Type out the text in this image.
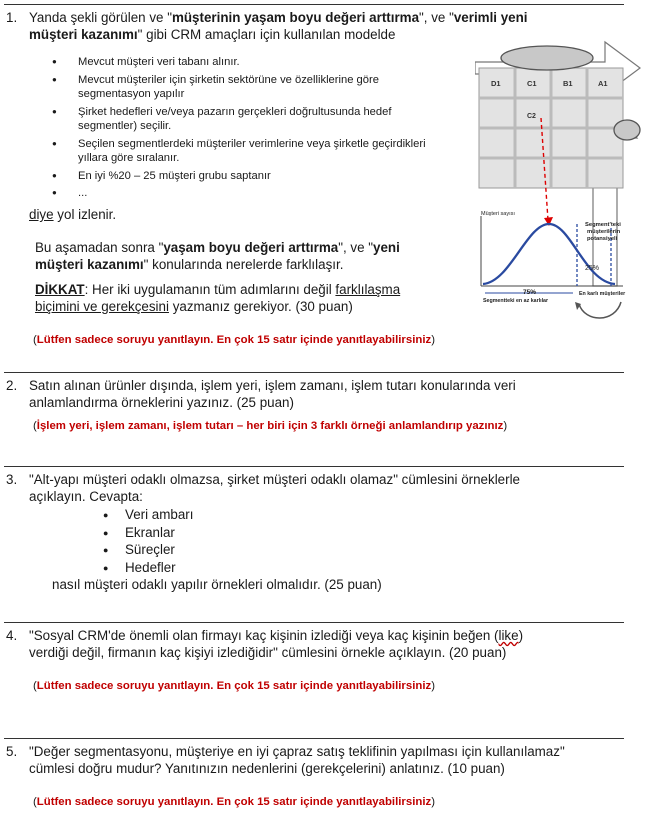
1. Yanda şekli görülen ve "müşterinin yaşam boyu değeri arttırma", ve "verimli yeni
müşteri kazanımı" gibi CRM amaçları için kullanılan modelde
● Mevcut müşteri veri tabanı alınır.
● Mevcut müşteriler için şirketin sektörüne ve özelliklerine göre segmentasyon yapılır
● Şirket hedefleri ve/veya pazarın gerçekleri doğrultusunda hedef segmentler) seçilir.
● Seçilen segmentlerdeki müşteriler verimlerine veya şirketle geçirdikleri yıllara göre sıralanır.
● En iyi %20 – 25 müşteri grubu saptanır
● ...
diye yol izlenir.
Bu aşamadan sonra "yaşam boyu değeri arttırma", ve "yeni
müşteri kazanımı" konularında nerelerde farklılaşır.
DİKKAT: Her iki uygulamanın tüm adımlarını değil farklılaşma
biçimini ve gerekçesini yazmanız gerekiyor. (30 puan)
(Lütfen sadece soruyu yanıtlayın. En çok 15 satır içinde yanıtlayabilirsiniz)
D1	C1	B1	A1
C2
Müşteri sayısı
Segment'teki müşterilerin potansiyeli
25%
75%
Segmentteki en az karlılar
En karlı müşteriler
2. Satın alınan ürünler dışında, işlem yeri, işlem zamanı, işlem tutarı konularında veri
anlamlandırma örneklerini yazınız. (25 puan)
(İşlem yeri, işlem zamanı, işlem tutarı – her biri için 3 farklı örneği anlamlandırıp yazınız)
3. "Alt-yapı müşteri odaklı olmazsa, şirket müşteri odaklı olamaz" cümlesini örneklerle
açıklayın. Cevapta:
● Veri ambarı
● Ekranlar
● Süreçler
● Hedefler
nasıl müşteri odaklı yapılır örnekleri olmalıdır. (25 puan)
4. "Sosyal CRM'de önemli olan firmayı kaç kişinin izlediği veya kaç kişinin beğen (like)
verdiği değil, firmanın kaç kişiyi izlediğidir" cümlesini örnekle açıklayın. (20 puan)
(Lütfen sadece soruyu yanıtlayın. En çok 15 satır içinde yanıtlayabilirsiniz)
5. "Değer segmentasyonu, müşteriye en iyi çapraz satış teklifinin yapılması için kullanılamaz"
cümlesi doğru mudur? Yanıtınızın nedenlerini (gerekçelerini) anlatınız. (10 puan)
(Lütfen sadece soruyu yanıtlayın. En çok 15 satır içinde yanıtlayabilirsiniz)
